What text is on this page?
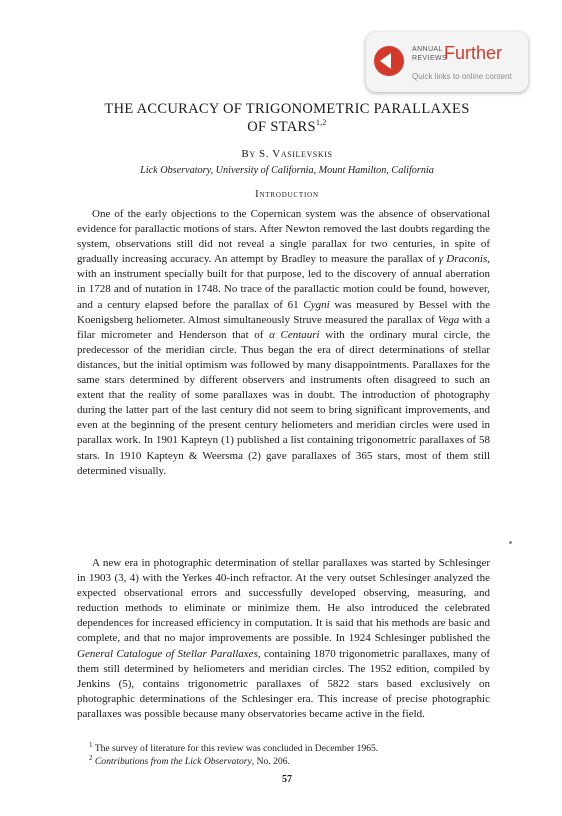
ANNUAL
REVIEWS
Further
Quick links to online content
THE ACCURACY OF TRIGONOMETRIC PARALLAXES
OF STARS$^{1,2}$
By S. Vasilevskis
Lick Observatory, University of California, Mount Hamilton, California
Introduction

One of the early objections to the Copernican system was the absence of observational evidence for parallactic motions of stars. After Newton removed the last doubts regarding the system, observations still did not reveal a single parallax for two centuries, in spite of gradually increasing accuracy. An attempt by Bradley to measure the parallax of γ Draconis, with an instrument specially built for that purpose, led to the discovery of annual aberration in 1728 and of nutation in 1748. No trace of the parallactic motion could be found, however, and a century elapsed before the parallax of 61 Cygni was measured by Bessel with the Koenigsberg heliometer. Almost simultaneously Struve measured the parallax of Vega with a filar micrometer and Henderson that of α Centauri with the ordinary mural circle, the predecessor of the meridian circle. Thus began the era of direct determinations of stellar distances, but the initial optimism was followed by many disappointments. Parallaxes for the same stars determined by different observers and instruments often disagreed to such an extent that the reality of some parallaxes was in doubt. The introduction of photography during the latter part of the last century did not seem to bring significant improvements, and even at the beginning of the present century heliometers and meridian circles were used in parallax work. In 1901 Kapteyn (1) published a list containing trigonometric parallaxes of 58 stars. In 1910 Kapteyn & Weersma (2) gave parallaxes of 365 stars, most of them still determined visually.

A new era in photographic determination of stellar parallaxes was started by Schlesinger in 1903 (3, 4) with the Yerkes 40-inch refractor. At the very outset Schlesinger analyzed the expected observational errors and successfully developed observing, measuring, and reduction methods to eliminate or minimize them. He also introduced the celebrated dependences for increased efficiency in computation. It is said that his methods are basic and complete, and that no major improvements are possible. In 1924 Schlesinger published the General Catalogue of Stellar Parallaxes, containing 1870 trigonometric parallaxes, many of them still determined by heliometers and meridian circles. The 1952 edition, compiled by Jenkins (5), contains trigonometric parallaxes of 5822 stars based exclusively on photographic determinations of the Schlesinger era. This increase of precise photographic parallaxes was possible because many observatories became active in the field.

$^1$ The survey of literature for this review was concluded in December 1965.
$^2$ Contributions from the Lick Observatory, No. 206.
57
